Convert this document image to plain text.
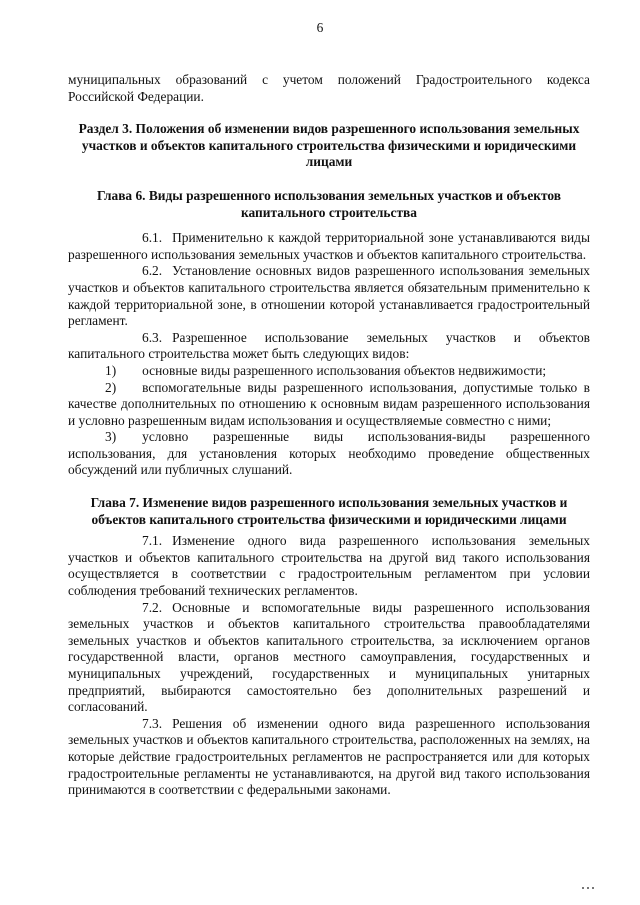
6

муниципальных образований с учетом положений Градостроительного кодекса Российской Федерации.

Раздел 3. Положения об изменении видов разрешенного использования земельных участков и объектов капитального строительства физическими и юридическими лицами
Глава 6. Виды разрешенного использования земельных участков и объектов капитального строительства

6.1. Применительно к каждой территориальной зоне устанавливаются виды разрешенного использования земельных участков и объектов капитального строительства.

6.2. Установление основных видов разрешенного использования земельных участков и объектов капитального строительства является обязательным применительно к каждой территориальной зоне, в отношении которой устанавливается градостроительный регламент.

6.3. Разрешенное использование земельных участков и объектов капитального строительства может быть следующих видов:

1) основные виды разрешенного использования объектов недвижимости;

2) вспомогательные виды разрешенного использования, допустимые только в качестве дополнительных по отношению к основным видам разрешенного использования и условно разрешенным видам использования и осуществляемые совместно с ними;

3) условно разрешенные виды использования-виды разрешенного использования, для установления которых необходимо проведение общественных обсуждений или публичных слушаний.

Глава 7. Изменение видов разрешенного использования земельных участков и объектов капитального строительства физическими и юридическими лицами

7.1. Изменение одного вида разрешенного использования земельных участков и объектов капитального строительства на другой вид такого использования осуществляется в соответствии с градостроительным регламентом при условии соблюдения требований технических регламентов.

7.2. Основные и вспомогательные виды разрешенного использования земельных участков и объектов капитального строительства правообладателями земельных участков и объектов капитального строительства, за исключением органов государственной власти, органов местного самоуправления, государственных и муниципальных учреждений, государственных и муниципальных унитарных предприятий, выбираются самостоятельно без дополнительных разрешений и согласований.

7.3. Решения об изменении одного вида разрешенного использования земельных участков и объектов капитального строительства, расположенных на землях, на которые действие градостроительных регламентов не распространяется или для которых градостроительные регламенты не устанавливаются, на другой вид такого использования принимаются в соответствии с федеральными законами.
